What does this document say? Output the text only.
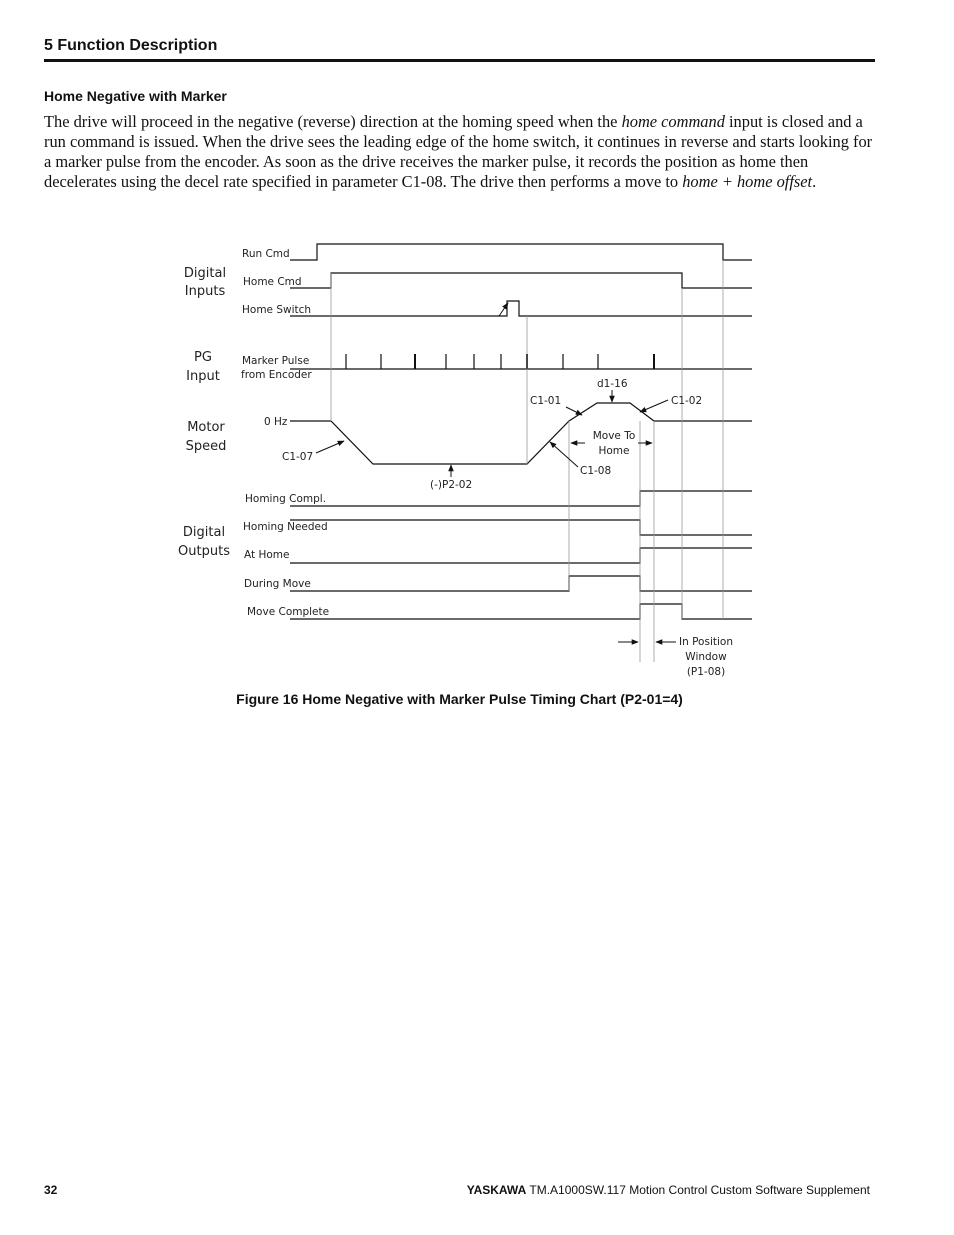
5 Function Description
Home Negative with Marker

The drive will proceed in the negative (reverse) direction at the homing speed when the home command input is closed and a run command is issued. When the drive sees the leading edge of the home switch, it continues in reverse and starts looking for a marker pulse from the encoder. As soon as the drive receives the marker pulse, it records the position as home then decelerates using the decel rate specified in parameter C1-08. The drive then performs a move to home + home offset.

Digital
Inputs
PG
Input
Motor
Speed
Digital
Outputs
Run Cmd
Home Cmd
Home Switch
Marker Pulse
from Encoder
0 Hz
Homing Compl.
Homing Needed
At Home
During Move
Move Complete
C1-07
(-)P2-02
C1-01
d1-16
C1-02
Move To
Home
C1-08
In Position
Window
(P1-08)
Figure 16 Home Negative with Marker Pulse Timing Chart (P2-01=4)
32	YASKAWA TM.A1000SW.117 Motion Control Custom Software Supplement
